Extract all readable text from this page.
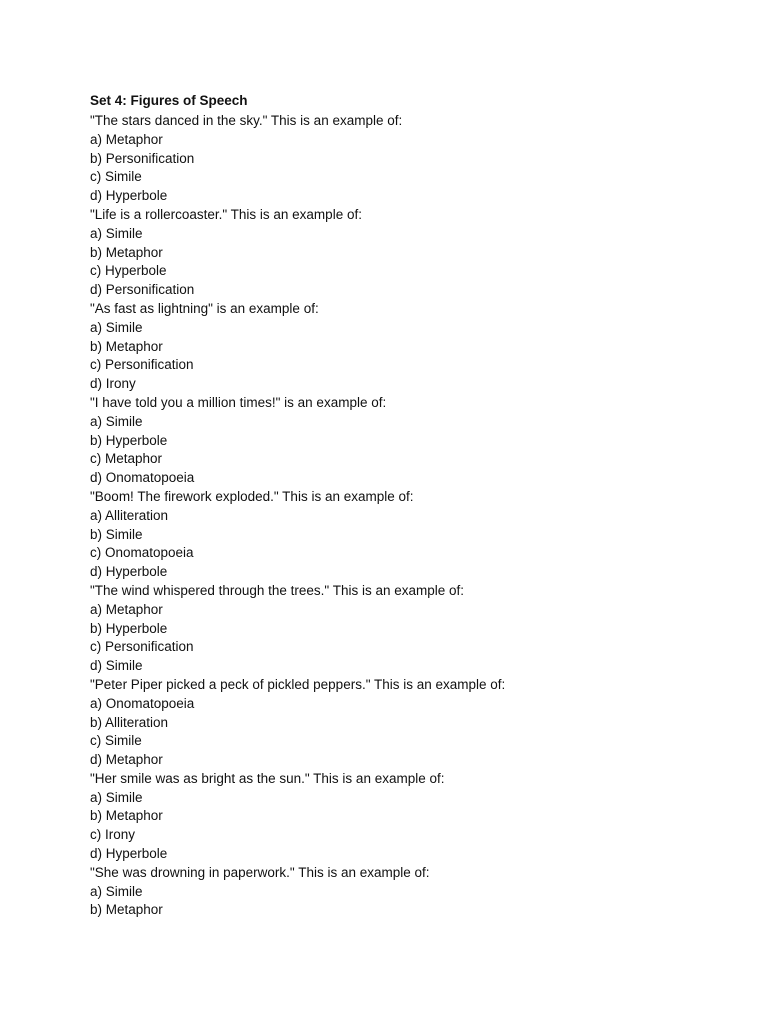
Set 4: Figures of Speech
"The stars danced in the sky." This is an example of:
a) Metaphor
b) Personification
c) Simile
d) Hyperbole
"Life is a rollercoaster." This is an example of:
a) Simile
b) Metaphor
c) Hyperbole
d) Personification
"As fast as lightning" is an example of:
a) Simile
b) Metaphor
c) Personification
d) Irony
"I have told you a million times!" is an example of:
a) Simile
b) Hyperbole
c) Metaphor
d) Onomatopoeia
"Boom! The firework exploded." This is an example of:
a) Alliteration
b) Simile
c) Onomatopoeia
d) Hyperbole
"The wind whispered through the trees." This is an example of:
a) Metaphor
b) Hyperbole
c) Personification
d) Simile
"Peter Piper picked a peck of pickled peppers." This is an example of:
a) Onomatopoeia
b) Alliteration
c) Simile
d) Metaphor
"Her smile was as bright as the sun." This is an example of:
a) Simile
b) Metaphor
c) Irony
d) Hyperbole
"She was drowning in paperwork." This is an example of:
a) Simile
b) Metaphor
